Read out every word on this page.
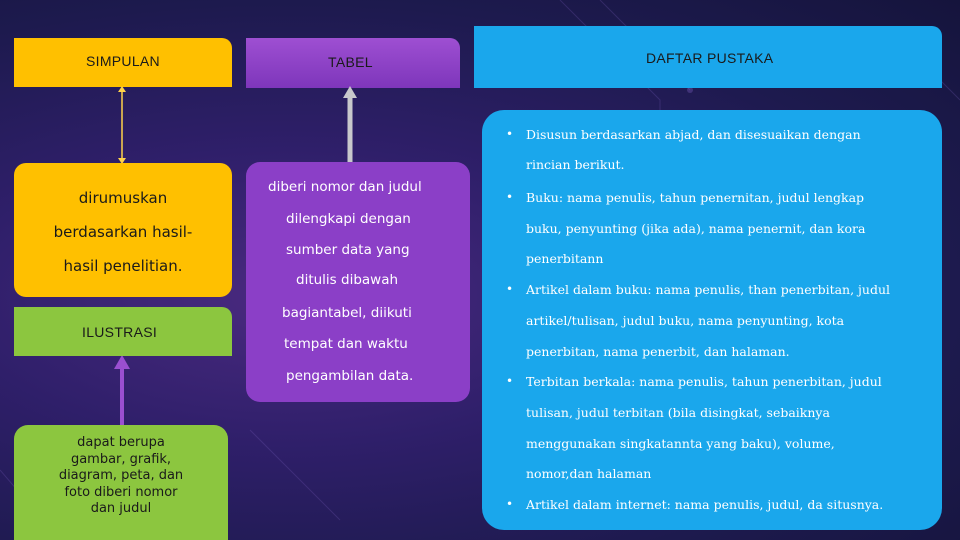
SIMPULAN	TABEL	DAFTAR PUSTAKA
dirumuskan
berdasarkan hasil-
hasil penelitian.
ILUSTRASI
dapat berupa
gambar, grafik,
diagram, peta, dan
foto diberi nomor
dan judul
diberi nomor dan judul
dilengkapi dengan
sumber data yang
ditulis dibawah
bagiantabel, diikuti
tempat dan waktu
pengambilan data.
• Disusun berdasarkan abjad, dan disesuaikan dengan
rincian berikut.
• Buku: nama penulis, tahun penernitan, judul lengkap
buku, penyunting (jika ada), nama penernit, dan kora
penerbitann
• Artikel dalam buku: nama penulis, than penerbitan, judul
artikel/tulisan, judul buku, nama penyunting, kota
penerbitan, nama penerbit, dan halaman.
• Terbitan berkala: nama penulis, tahun penerbitan, judul
tulisan, judul terbitan (bila disingkat, sebaiknya
menggunakan singkatannta yang baku), volume,
nomor,dan halaman
• Artikel dalam internet: nama penulis, judul, da situsnya.
